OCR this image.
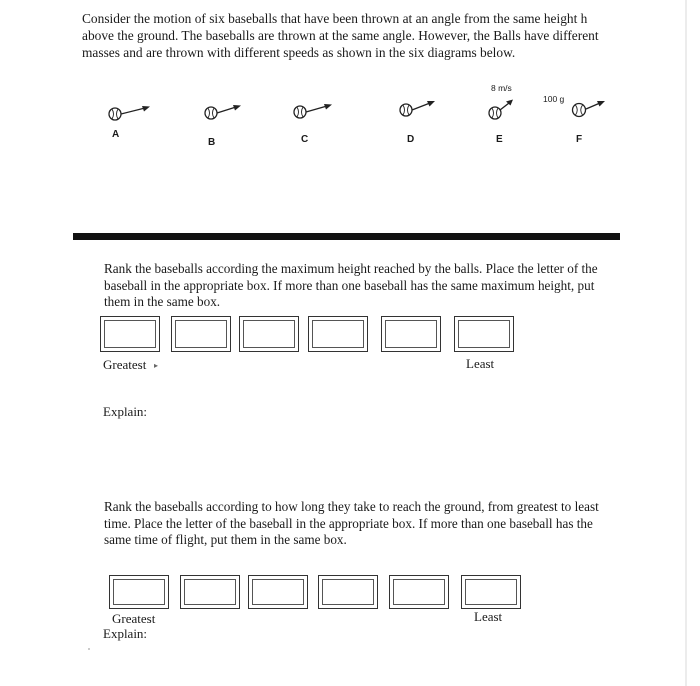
Consider the motion of six baseballs that have been thrown at an angle from the same height h above the ground. The baseballs are thrown at the same angle. However, the Balls have different masses and are thrown with different speeds as shown in the six diagrams below.
A
B	C	D
8 m/s
E
100 g
F
Rank the baseballs according the maximum height reached by the balls. Place the letter of the baseball in the appropriate box. If more than one baseball has the same maximum height, put them in the same box.
Greatest ▸	Least
Explain:
Rank the baseballs according to how long they take to reach the ground, from greatest to least time. Place the letter of the baseball in the appropriate box. If more than one baseball has the same time of flight, put them in the same box.
Greatest	Least
Explain:
